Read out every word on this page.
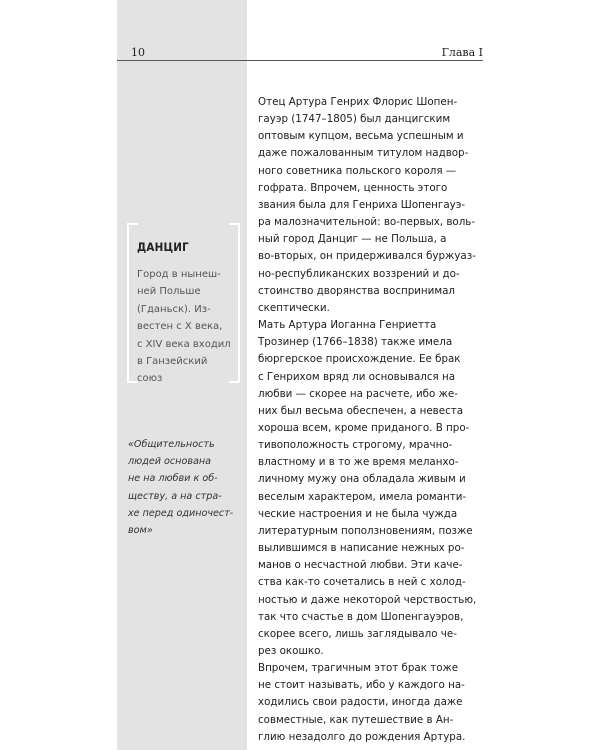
10	Глава I
ДАНЦИГ

Город в нынеш-
ней Польше
(Гданьск). Из-
вестен с X века,
с XIV века входил
в Ганзейский
союз

«Общительность
людей основана
не на любви к об-
ществу, а на стра-
хе перед одиночест-
вом»

Отец Артура Генрих Флорис Шопен-
гауэр (1747–1805) был данцигским
оптовым купцом, весьма успешным и
даже пожалованным титулом надвор-
ного советника польского короля —
гофрата. Впрочем, ценность этого
звания была для Генриха Шопенгауэ-
ра малозначительной: во-первых, воль-
ный город Данциг — не Польша, а
во-вторых, он придерживался буржуаз-
но-республиканских воззрений и до-
стоинство дворянства воспринимал
скептически.

Мать Артура Иоганна Генриетта
Трозинер (1766–1838) также имела
бюргерское происхождение. Ее брак
с Генрихом вряд ли основывался на
любви — скорее на расчете, ибо же-
них был весьма обеспечен, а невеста
хороша всем, кроме приданого. В про-
тивоположность строгому, мрачно-
властному и в то же время меланхо-
личному мужу она обладала живым и
веселым характером, имела романти-
ческие настроения и не была чужда
литературным поползновениям, позже
вылившимся в написание нежных ро-
манов о несчастной любви. Эти каче-
ства как-то сочетались в ней с холод-
ностью и даже некоторой черствостью,
так что счастье в дом Шопенгауэров,
скорее всего, лишь заглядывало че-
рез окошко.

Впрочем, трагичным этот брак тоже
не стоит называть, ибо у каждого на-
ходились свои радости, иногда даже
совместные, как путешествие в Ан-
глию незадолго до рождения Артура.
